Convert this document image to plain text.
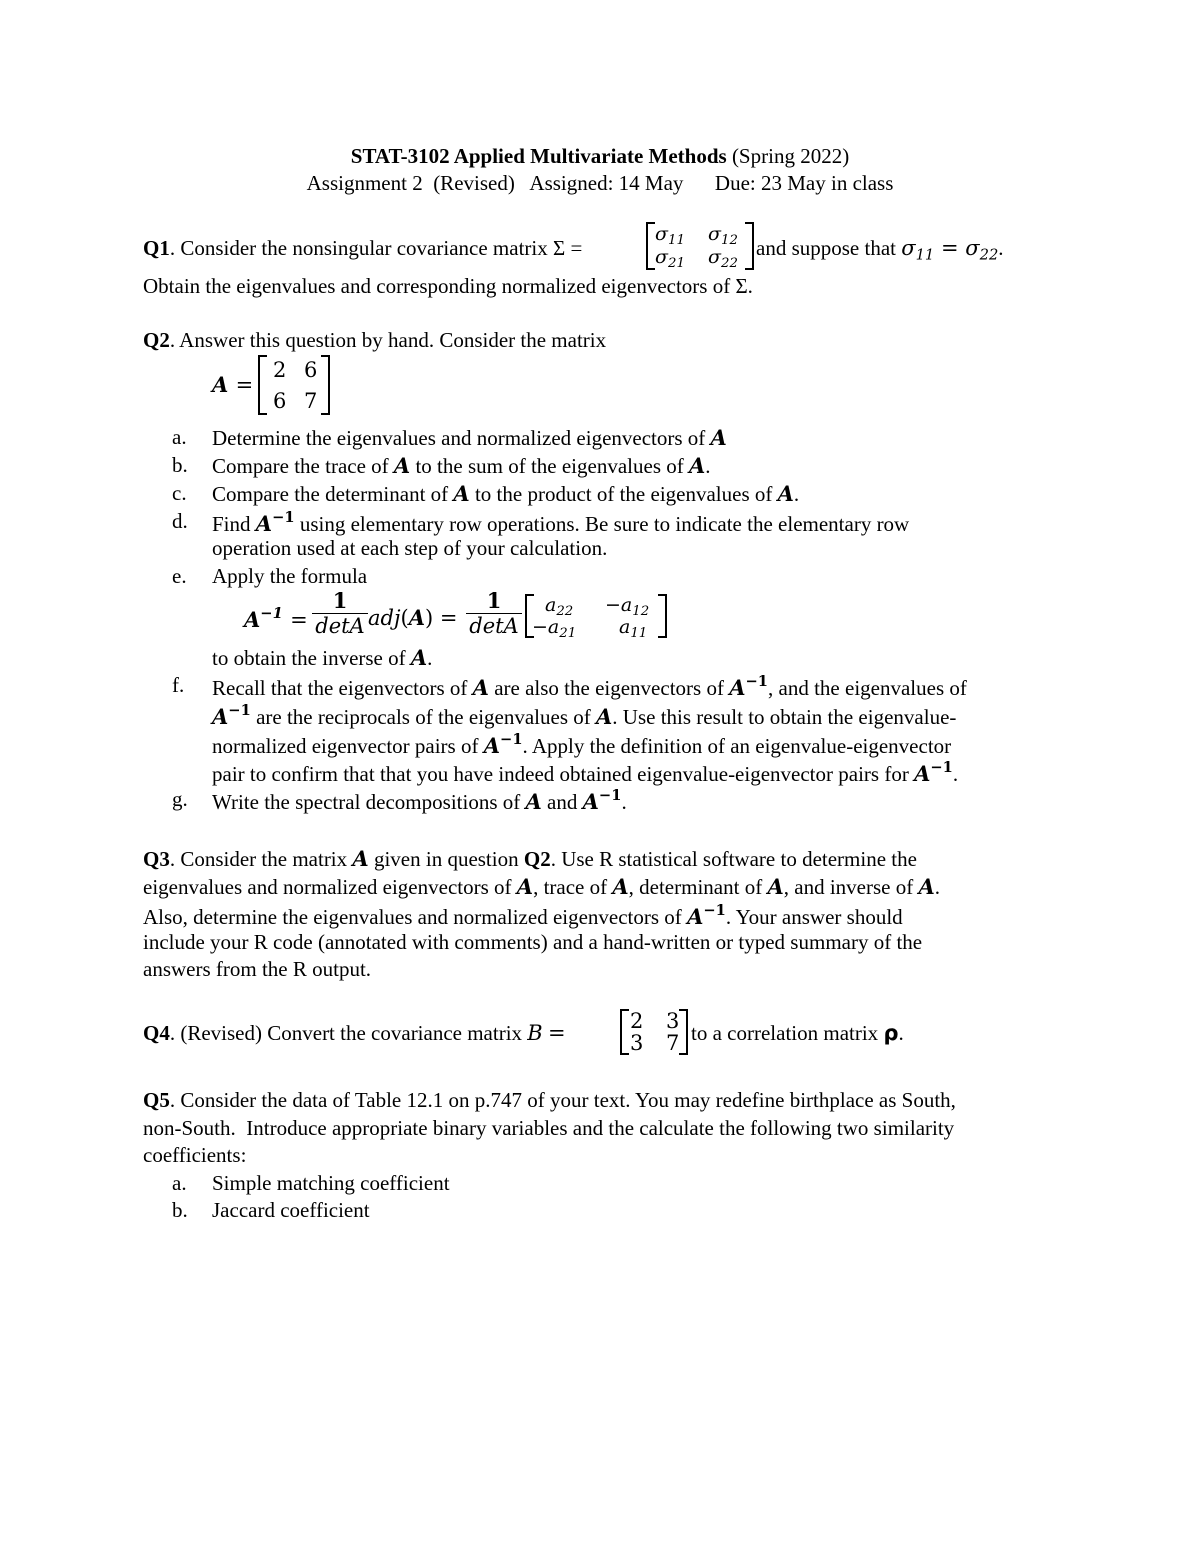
STAT-3102 Applied Multivariate Methods (Spring 2022)
Assignment 2  (Revised)   Assigned: 14 May      Due: 23 May in class
Q1. Consider the nonsingular covariance matrix Σ =
$\sigma_{11}$ $\sigma_{12}$
$\sigma_{21}$ $\sigma_{22}$
and suppose that $\sigma_{11} = \sigma_{22}$.
Obtain the eigenvalues and corresponding normalized eigenvectors of Σ.
Q2. Answer this question by hand. Consider the matrix
A =
2 6
6 7
a. Determine the eigenvalues and normalized eigenvectors of A
b. Compare the trace of A to the sum of the eigenvalues of A.
c. Compare the determinant of A to the product of the eigenvalues of A.
d. Find $A^{-1}$ using elementary row operations. Be sure to indicate the elementary row
operation used at each step of your calculation.
e. Apply the formula
$A^{-1}$ =
1
detA adj(A) =
1
detA
$a_{22} -a_{12}$
$-a_{21}$ $a_{11}$
to obtain the inverse of A.
f. Recall that the eigenvectors of A are also the eigenvectors of $A^{-1}$, and the eigenvalues of
$A^{-1}$ are the reciprocals of the eigenvalues of A. Use this result to obtain the eigenvalue-
normalized eigenvector pairs of $A^{-1}$. Apply the definition of an eigenvalue-eigenvector
pair to confirm that that you have indeed obtained eigenvalue-eigenvector pairs for $A^{-1}$.
g. Write the spectral decompositions of A and $A^{-1}$.
Q3. Consider the matrix A given in question Q2. Use R statistical software to determine the
eigenvalues and normalized eigenvectors of A, trace of A, determinant of A, and inverse of A.
Also, determine the eigenvalues and normalized eigenvectors of $A^{-1}$. Your answer should
include your R code (annotated with comments) and a hand-written or typed summary of the
answers from the R output.
Q4. (Revised) Convert the covariance matrix B =	2 3
3 7 to a correlation matrix ρ.
Q5. Consider the data of Table 12.1 on p.747 of your text. You may redefine birthplace as South,
non-South.  Introduce appropriate binary variables and the calculate the following two similarity
coefficients:
a. Simple matching coefficient
b. Jaccard coefficient
